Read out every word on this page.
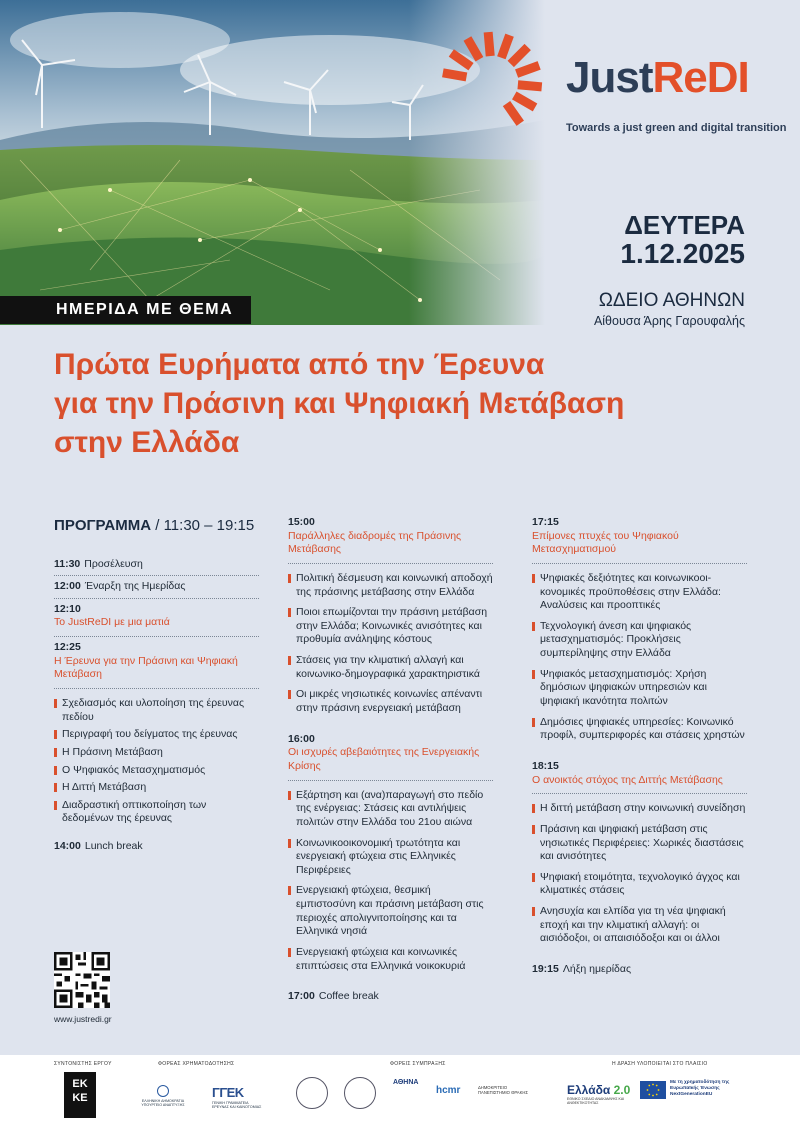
ΗΜΕΡΙΔΑ ΜΕ ΘΕΜΑ
JustReDI
Towards a just green and digital transition
ΔΕΥΤΕΡΑ
1.12.2025
ΩΔΕΙΟ ΑΘΗΝΩΝ
Αίθουσα Άρης Γαρουφαλής
Πρώτα Ευρήματα από την Έρευνα
για την Πράσινη και Ψηφιακή Μετάβαση
στην Ελλάδα
ΠΡΟΓΡΑΜΜΑ / 11:30 – 19:15
11:30 Προσέλευση
12:00 Έναρξη της Ημερίδας
12:10
Το JustReDI με μια ματιά
12:25
Η Έρευνα για την Πράσινη και Ψηφιακή Μετάβαση
Σχεδιασμός και υλοποίηση της έρευνας πεδίου
Περιγραφή του δείγματος της έρευνας
Η Πράσινη Μετάβαση
Ο Ψηφιακός Μετασχηματισμός
Η Διττή Μετάβαση
Διαδραστική οπτικοποίηση των δεδομένων της έρευνας
14:00 Lunch break
15:00
Παράλληλες διαδρομές της Πράσινης Μετάβασης
Πολιτική δέσμευση και κοινωνική αποδοχή της πράσινης μετάβασης στην Ελλάδα
Ποιοι επωμίζονται την πράσινη μετάβαση στην Ελλάδα; Κοινωνικές ανισότητες και προθυμία ανάληψης κόστους
Στάσεις για την κλιματική αλλαγή και κοινωνικο-δημογραφικά χαρακτηριστικά
Οι μικρές νησιωτικές κοινωνίες απέναντι στην πράσινη ενεργειακή μετάβαση
16:00
Οι ισχυρές αβεβαιότητες της Ενεργειακής Κρίσης
Εξάρτηση και (ανα)παραγωγή στο πεδίο της ενέργειας: Στάσεις και αντιλήψεις πολιτών στην Ελλάδα του 21ου αιώνα
Κοινωνικοοικονομική τρωτότητα και ενεργειακή φτώχεια στις Ελληνικές Περιφέρειες
Ενεργειακή φτώχεια, θεσμική εμπιστοσύνη και πράσινη μετάβαση στις περιοχές απολιγνιτοποίησης και τα Ελληνικά νησιά
Ενεργειακή φτώχεια και κοινωνικές επιπτώσεις στα Ελληνικά νοικοκυριά
17:00 Coffee break
17:15
Επίμονες πτυχές του Ψηφιακού Μετασχηματισμού
Ψηφιακές δεξιότητες και κοινωνικοοι-κονομικές προϋποθέσεις στην Ελλάδα: Αναλύσεις και προοπτικές
Τεχνολογική άνεση και ψηφιακός μετασχηματισμός: Προκλήσεις συμπερίληψης στην Ελλάδα
Ψηφιακός μετασχηματισμός: Χρήση δημόσιων ψηφιακών υπηρεσιών και ψηφιακή ικανότητα πολιτών
Δημόσιες ψηφιακές υπηρεσίες: Κοινωνικό προφίλ, συμπεριφορές και στάσεις χρηστών
18:15
Ο ανοικτός στόχος της Διττής Μετάβασης
Η διττή μετάβαση στην κοινωνική συνείδηση
Πράσινη και ψηφιακή μετάβαση στις νησιωτικές Περιφέρειες: Χωρικές διαστάσεις και ανισότητες
Ψηφιακή ετοιμότητα, τεχνολογικό άγχος και κλιματικές στάσεις
Ανησυχία και ελπίδα για τη νέα ψηφιακή εποχή και την κλιματική αλλαγή: οι αισιόδοξοι, οι απαισιόδοξοι και οι άλλοι
19:15 Λήξη ημερίδας
www.justredi.gr
ΣΥΝΤΟΝΙΣΤΗΣ ΕΡΓΟΥ	ΦΟΡΕΑΣ ΧΡΗΜΑΤΟΔΟΤΗΣΗΣ	ΦΟΡΕΙΣ ΣΥΜΠΡΑΞΗΣ	Η ΔΡΑΣΗ ΥΛΟΠΟΙΕΙΤΑΙ ΣΤΟ ΠΛΑΙΣΙΟ
ΕΚ
ΚΕ	ΕΛΛΗΝΙΚΗ ΔΗΜΟΚΡΑΤΙΑ ΥΠΟΥΡΓΕΙΟ ΑΝΑΠΤΥΞΗΣ
ΓΓΕΚ
ΓΕΝΙΚΗ ΓΡΑΜΜΑΤΕΙΑ ΕΡΕΥΝΑΣ ΚΑΙ ΚΑΙΝΟΤΟΜΙΑΣ
ΑΘΗΝΑ
hcmr	ΔΗΜΟΚΡΙΤΕΙΟ ΠΑΝΕΠΙΣΤΗΜΙΟ ΘΡΑΚΗΣ	Ελλάδα 2.0
ΕΘΝΙΚΟ ΣΧΕΔΙΟ ΑΝΑΚΑΜΨΗΣ ΚΑΙ ΑΝΘΕΚΤΙΚΟΤΗΤΑΣ
Με τη χρηματοδότηση της Ευρωπαϊκής Ένωσης NextGenerationEU
